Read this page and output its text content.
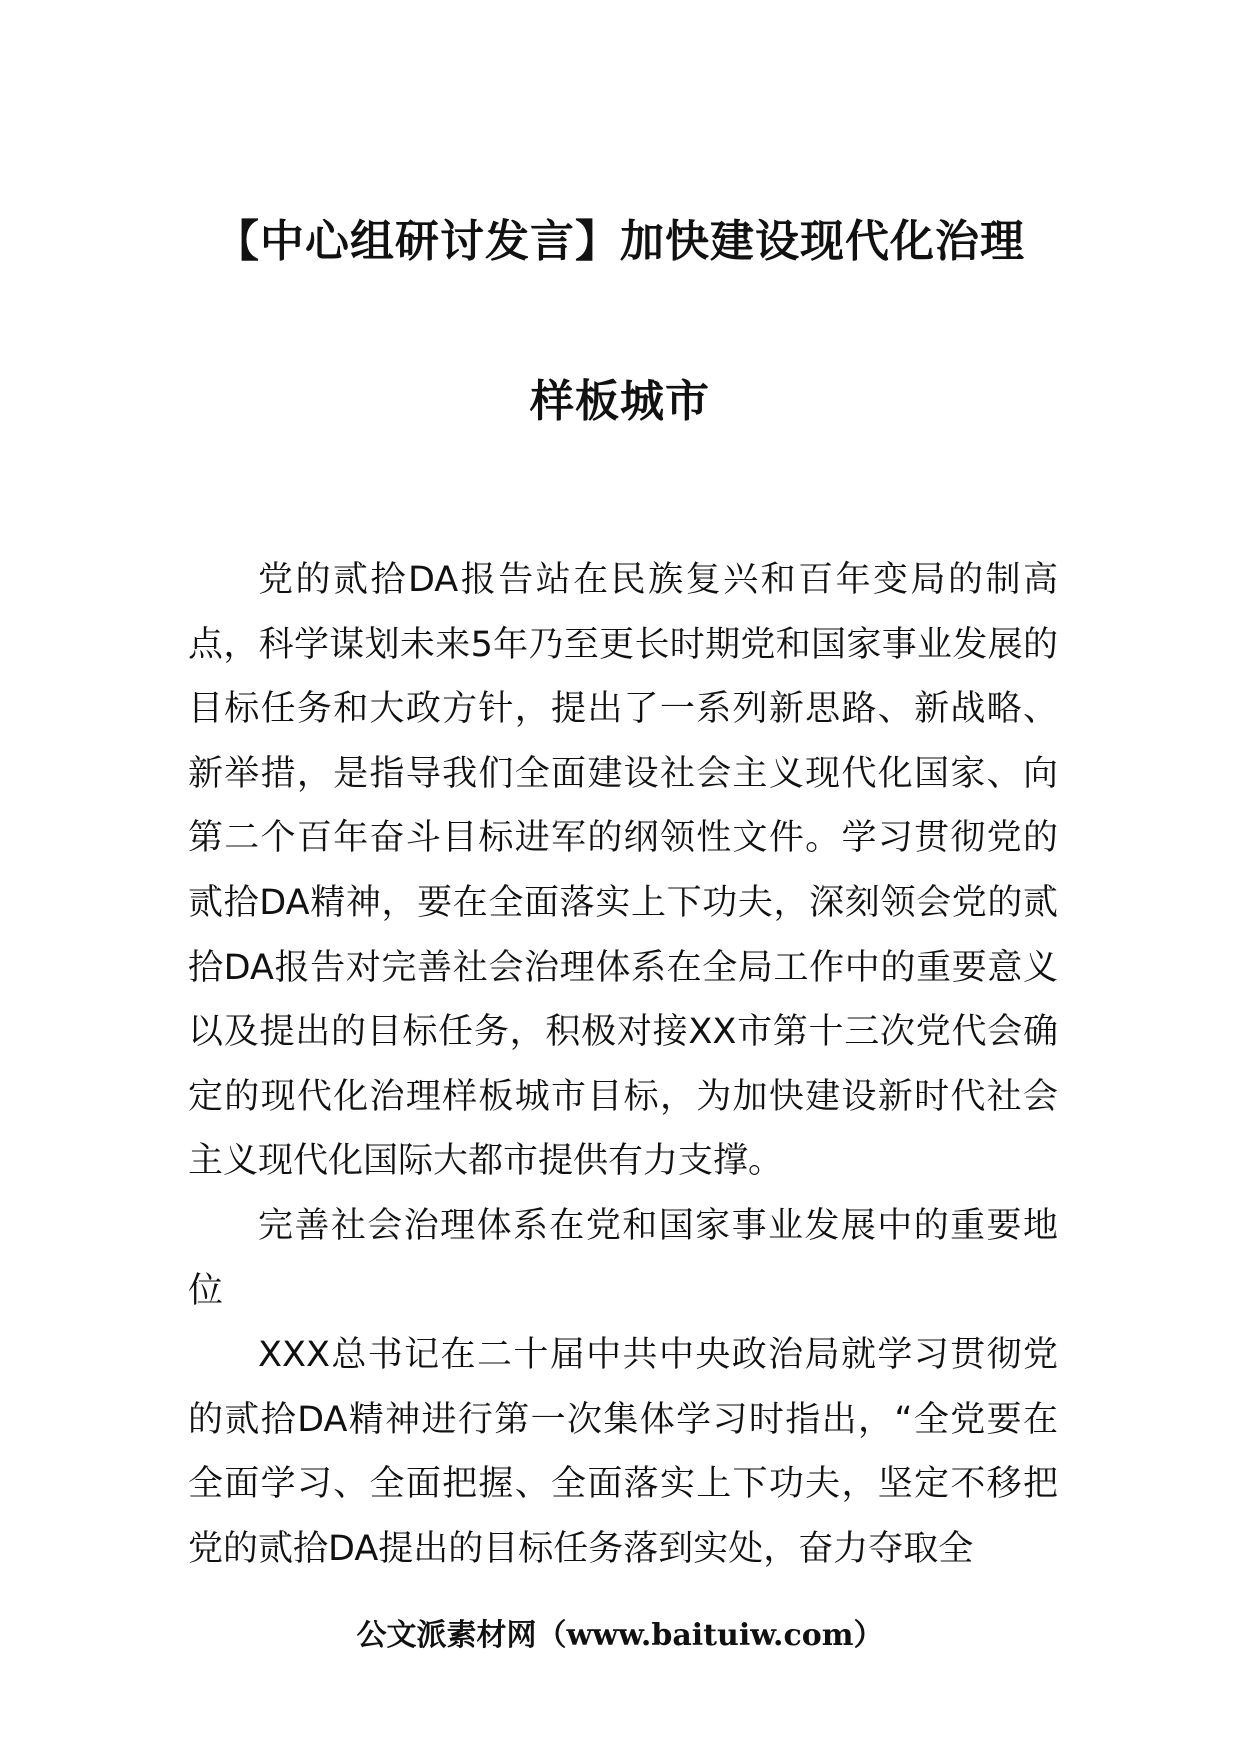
【中心组研讨发言】加快建设现代化治理
样板城市

党的贰拾DA报告站在民族复兴和百年变局的制高点，科学谋划未来5年乃至更长时期党和国家事业发展的目标任务和大政方针，提出了一系列新思路、新战略、新举措，是指导我们全面建设社会主义现代化国家、向第二个百年奋斗目标进军的纲领性文件。学习贯彻党的贰拾DA精神，要在全面落实上下功夫，深刻领会党的贰拾DA报告对完善社会治理体系在全局工作中的重要意义以及提出的目标任务，积极对接XX市第十三次党代会确定的现代化治理样板城市目标，为加快建设新时代社会主义现代化国际大都市提供有力支撑。

完善社会治理体系在党和国家事业发展中的重要地位

XXX总书记在二十届中共中央政治局就学习贯彻党的贰拾DA精神进行第一次集体学习时指出，“全党要在全面学习、全面把握、全面落实上下功夫，坚定不移把党的贰拾DA提出的目标任务落到实处，奋力夺取全

公文派素材网（www.baituiw.com）
